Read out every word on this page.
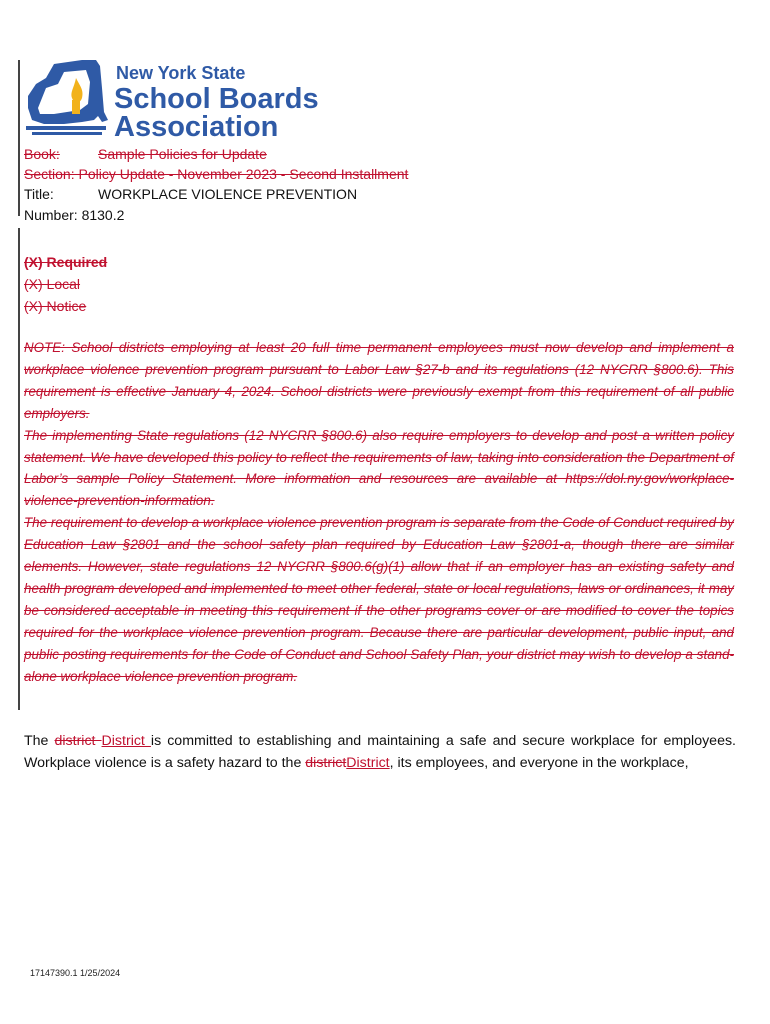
New York State
School Boards
Association
Book:	Sample Policies for Update
Section: Policy Update - November 2023 - Second Installment
Title:	WORKPLACE VIOLENCE PREVENTION
Number: 8130.2
(X) Required
(X) Local
(X) Notice

NOTE: School districts employing at least 20 full time permanent employees must now develop and implement a workplace violence prevention program pursuant to Labor Law §27-b and its regulations (12 NYCRR §800.6). This requirement is effective January 4, 2024. School districts were previously exempt from this requirement of all public employers.

The implementing State regulations (12 NYCRR §800.6) also require employers to develop and post a written policy statement. We have developed this policy to reflect the requirements of law, taking into consideration the Department of Labor’s sample Policy Statement. More information and resources are available at https://dol.ny.gov/workplace-violence-prevention-information.

The requirement to develop a workplace violence prevention program is separate from the Code of Conduct required by Education Law §2801 and the school safety plan required by Education Law §2801-a, though there are similar elements. However, state regulations 12 NYCRR §800.6(g)(1) allow that if an employer has an existing safety and health program developed and implemented to meet other federal, state or local regulations, laws or ordinances, it may be considered acceptable in meeting this requirement if the other programs cover or are modified to cover the topics required for the workplace violence prevention program. Because there are particular development, public input, and public posting requirements for the Code of Conduct and School Safety Plan, your district may wish to develop a stand-alone workplace violence prevention program.

The district District is committed to establishing and maintaining a safe and secure workplace for employees. Workplace violence is a safety hazard to the districtDistrict, its employees, and everyone in the workplace,

17147390.1 1/25/2024
